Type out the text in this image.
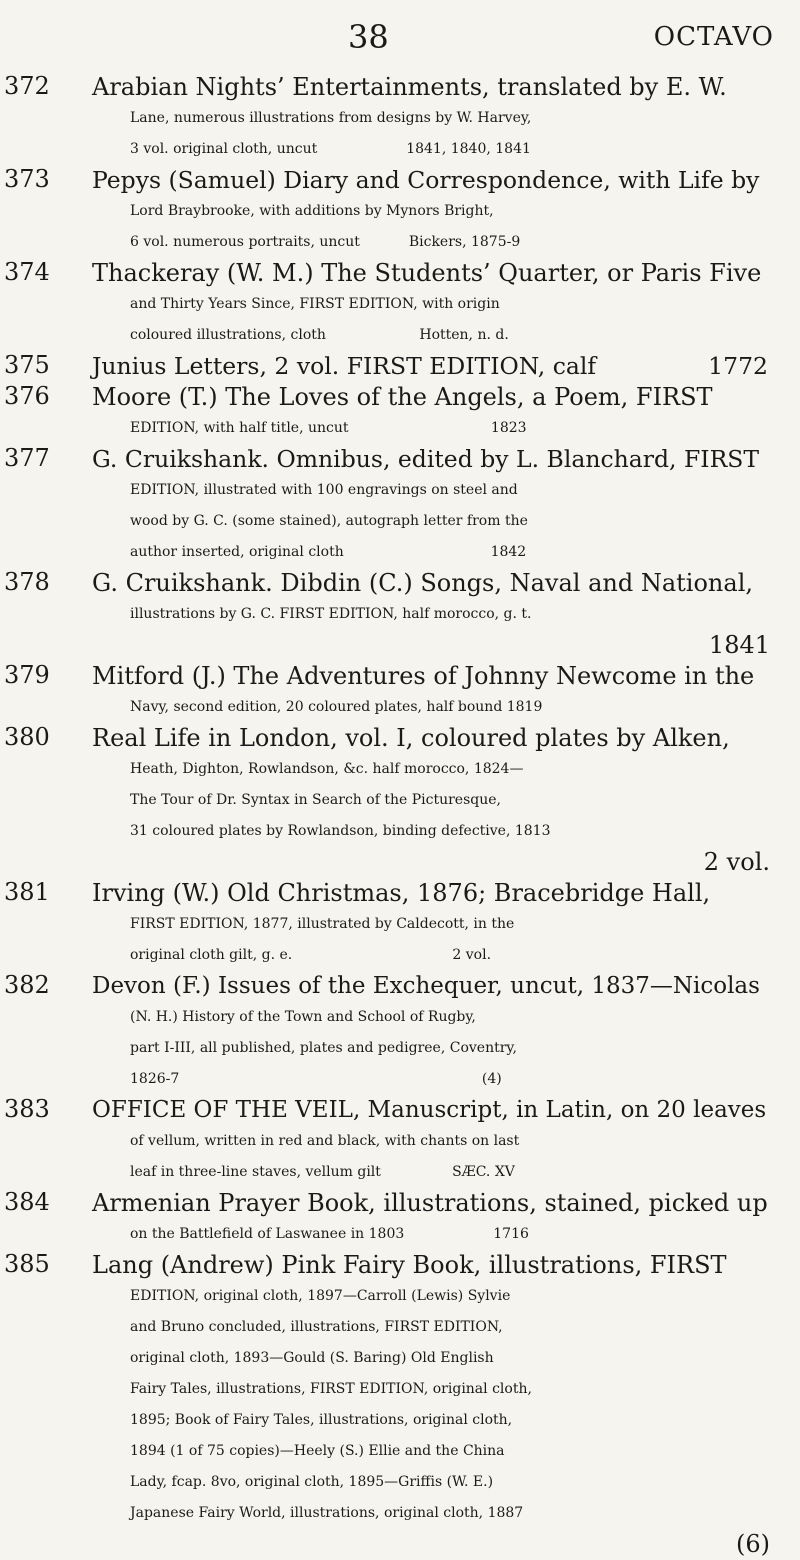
38	OCTAVO
372	Arabian Nights’ Entertainments, translated by E. W.
Lane, numerous illustrations from designs by W. Harvey,
3 vol. original cloth, uncut                    1841, 1840, 1841
373	Pepys (Samuel) Diary and Correspondence, with Life by
Lord Braybrooke, with additions by Mynors Bright,
6 vol. numerous portraits, uncut           Bickers, 1875-9
374	Thackeray (W. M.) The Students’ Quarter, or Paris Five
and Thirty Years Since, FIRST EDITION, with origin
coloured illustrations, cloth                     Hotten, n. d.
375	Junius Letters, 2 vol. FIRST EDITION, calf               1772
376	Moore (T.) The Loves of the Angels, a Poem, FIRST
EDITION, with half title, uncut                                1823
377	G. Cruikshank. Omnibus, edited by L. Blanchard, FIRST
EDITION, illustrated with 100 engravings on steel and
wood by G. C. (some stained), autograph letter from the
author inserted, original cloth                                 1842
378	G. Cruikshank. Dibdin (C.) Songs, Naval and National,
illustrations by G. C. FIRST EDITION, half morocco, g. t.
1841
379	Mitford (J.) The Adventures of Johnny Newcome in the
Navy, second edition, 20 coloured plates, half bound 1819
380	Real Life in London, vol. I, coloured plates by Alken,
Heath, Dighton, Rowlandson, &c. half morocco, 1824—
The Tour of Dr. Syntax in Search of the Picturesque,
31 coloured plates by Rowlandson, binding defective, 1813
2 vol.
381	Irving (W.) Old Christmas, 1876; Bracebridge Hall,
FIRST EDITION, 1877, illustrated by Caldecott, in the
original cloth gilt, g. e.                                    2 vol.
382	Devon (F.) Issues of the Exchequer, uncut, 1837—Nicolas
(N. H.) History of the Town and School of Rugby,
part I-III, all published, plates and pedigree, Coventry,
1826-7                                                                    (4)
383	OFFICE OF THE VEIL, Manuscript, in Latin, on 20 leaves
of vellum, written in red and black, with chants on last
leaf in three-line staves, vellum gilt                SÆC. XV
384	Armenian Prayer Book, illustrations, stained, picked up
on the Battlefield of Laswanee in 1803                    1716
385	Lang (Andrew) Pink Fairy Book, illustrations, FIRST
EDITION, original cloth, 1897—Carroll (Lewis) Sylvie
and Bruno concluded, illustrations, FIRST EDITION,
original cloth, 1893—Gould (S. Baring) Old English
Fairy Tales, illustrations, FIRST EDITION, original cloth,
1895; Book of Fairy Tales, illustrations, original cloth,
1894 (1 of 75 copies)—Heely (S.) Ellie and the China
Lady, fcap. 8vo, original cloth, 1895—Griffis (W. E.)
Japanese Fairy World, illustrations, original cloth, 1887
(6)
